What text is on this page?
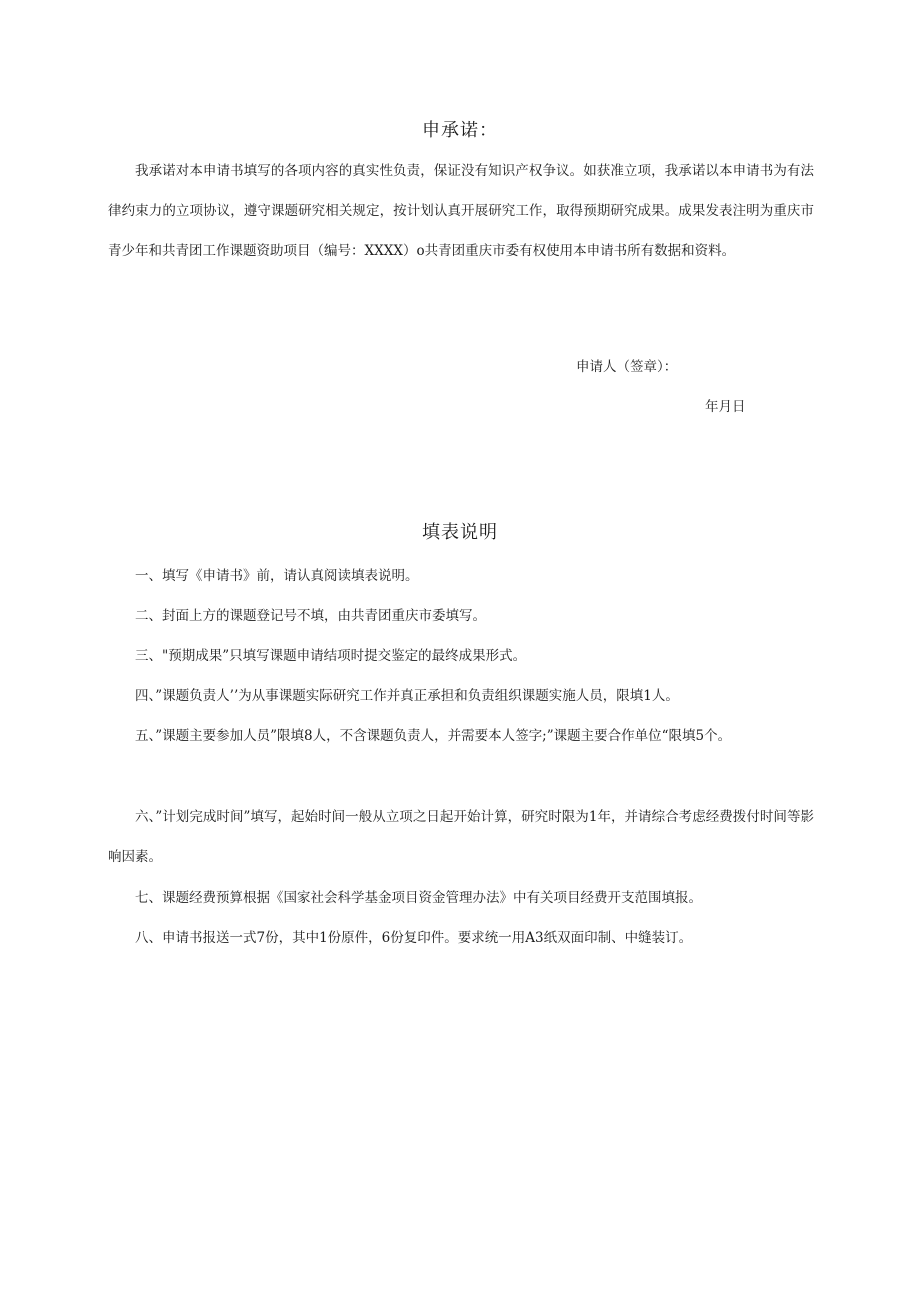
申承诺：

我承诺对本申请书填写的各项内容的真实性负责，保证没有知识产权争议。如获准立项，我承诺以本申请书为有法律约束力的立项协议，遵守课题研究相关规定，按计划认真开展研究工作，取得预期研究成果。成果发表注明为重庆市青少年和共青团工作课题资助项目（编号：XXXX）o共青团重庆市委有权使用本申请书所有数据和资料。

申请人（签章）：
年月日
填表说明

一、填写《申请书》前，请认真阅读填表说明。

二、封面上方的课题登记号不填，由共青团重庆市委填写。

三、"预期成果”只填写课题申请结项时提交鉴定的最终成果形式。

四、”课题负责人’’为从事课题实际研究工作并真正承担和负责组织课题实施人员，限填1人。

五、”课题主要参加人员”限填8人，不含课题负责人，并需要本人签字;”课题主要合作单位“限填5个。

六、”计划完成时间”填写，起始时间一般从立项之日起开始计算，研究时限为1年，并请综合考虑经费拨付时间等影响因素。

七、课题经费预算根据《国家社会科学基金项目资金管理办法》中有关项目经费开支范围填报。

八、申请书报送一式7份，其中1份原件，6份复印件。要求统一用A3纸双面印制、中缝装订。
